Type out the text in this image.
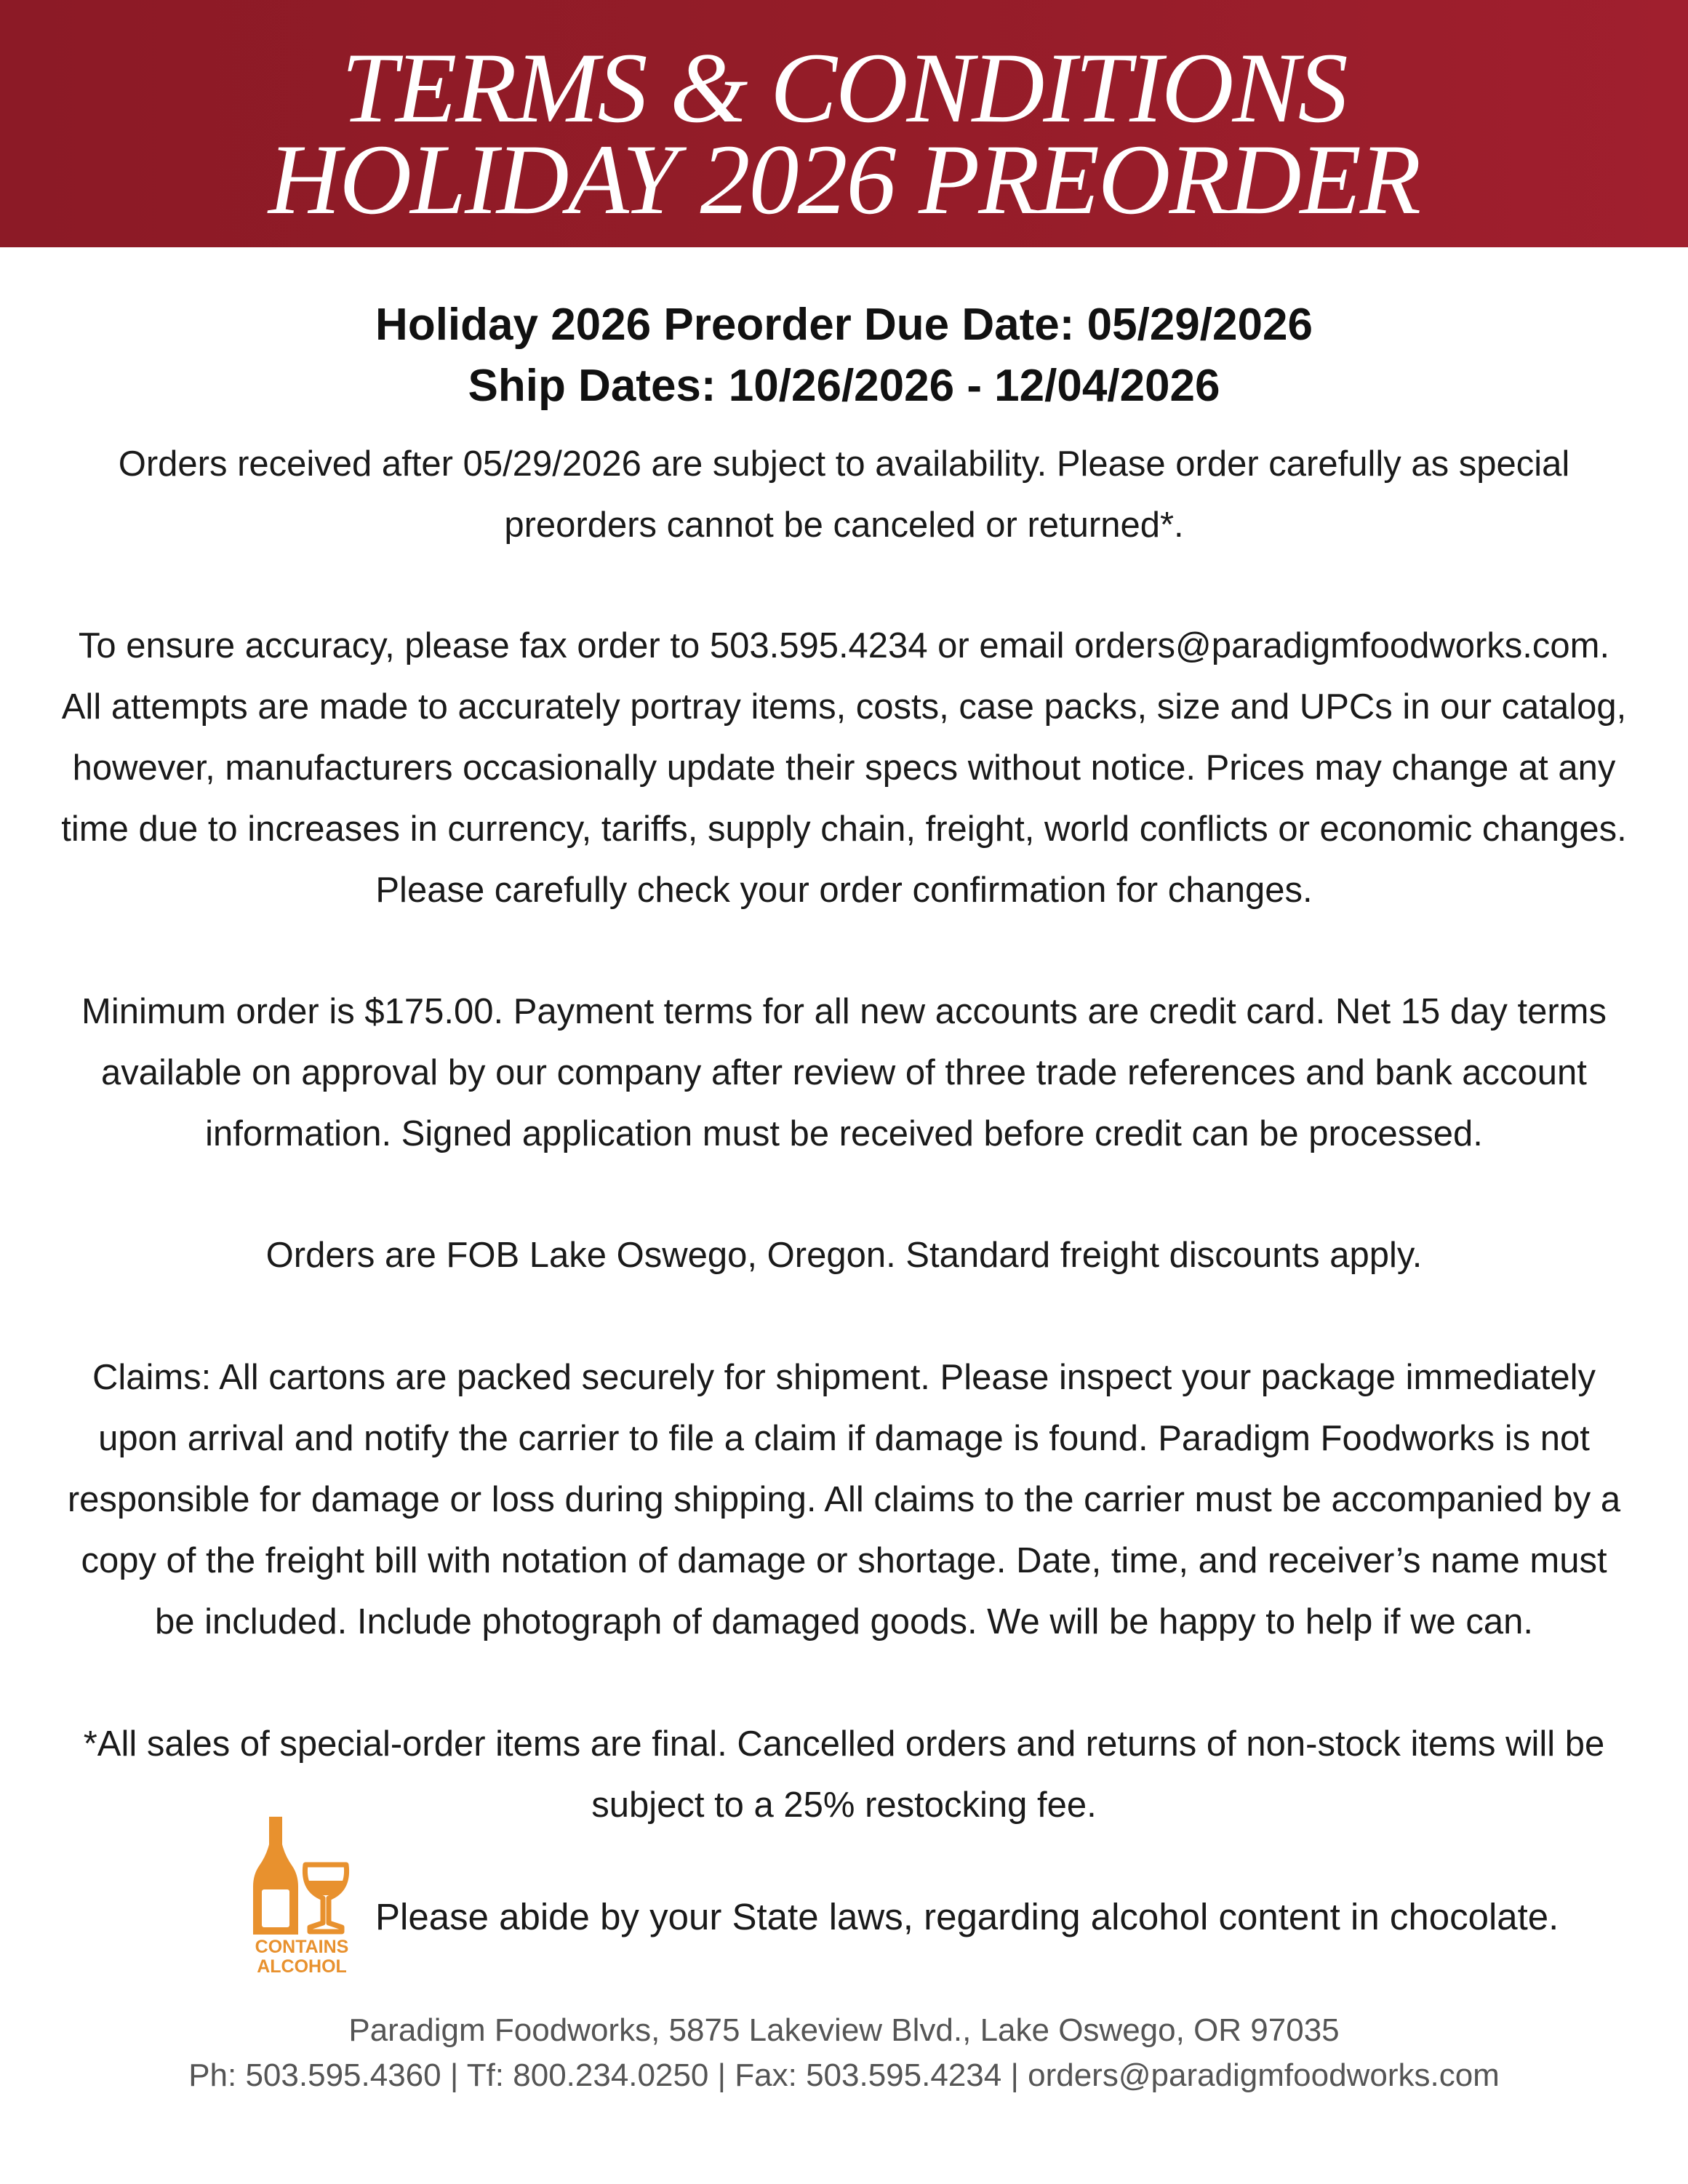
TERMS & CONDITIONS
HOLIDAY 2026 PREORDER
Holiday 2026 Preorder Due Date: 05/29/2026
Ship Dates: 10/26/2026 - 12/04/2026
Orders received after 05/29/2026 are subject to availability. Please order carefully as special
preorders cannot be canceled or returned*.
To ensure accuracy, please fax order to 503.595.4234 or email orders@paradigmfoodworks.com.
All attempts are made to accurately portray items, costs, case packs, size and UPCs in our catalog,
however, manufacturers occasionally update their specs without notice. Prices may change at any
time due to increases in currency, tariffs, supply chain, freight, world conflicts or economic changes.
Please carefully check your order confirmation for changes.
Minimum order is $175.00. Payment terms for all new accounts are credit card. Net 15 day terms
available on approval by our company after review of three trade references and bank account
information. Signed application must be received before credit can be processed.
Orders are FOB Lake Oswego, Oregon. Standard freight discounts apply.
Claims: All cartons are packed securely for shipment. Please inspect your package immediately
upon arrival and notify the carrier to file a claim if damage is found. Paradigm Foodworks is not
responsible for damage or loss during shipping. All claims to the carrier must be accompanied by a
copy of the freight bill with notation of damage or shortage. Date, time, and receiver’s name must
be included. Include photograph of damaged goods. We will be happy to help if we can.
*All sales of special-order items are final. Cancelled orders and returns of non-stock items will be
subject to a 25% restocking fee.
CONTAINS
ALCOHOL
Please abide by your State laws, regarding alcohol content in chocolate.
Paradigm Foodworks, 5875 Lakeview Blvd., Lake Oswego, OR 97035
Ph: 503.595.4360 | Tf: 800.234.0250 | Fax: 503.595.4234 | orders@paradigmfoodworks.com
